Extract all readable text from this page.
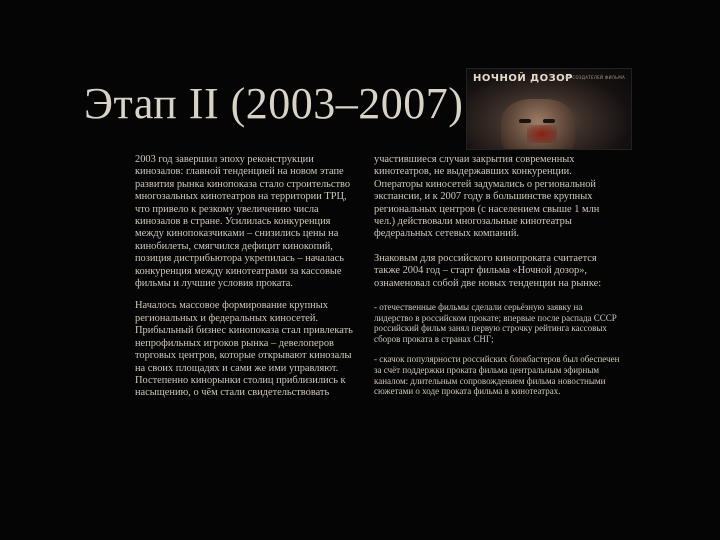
Этап II (2003–2007)
НОЧНОЙ ДОЗОР
ОТ СОЗДАТЕЛЕЙ ФИЛЬМА

2003 год завершил эпоху реконструкции кинозалов: главной тенденцией на новом этапе развития рынка кинопоказа стало строительство многозальных кинотеатров на территории ТРЦ, что привело к резкому увеличению числа кинозалов в стране. Усилилась конкуренция между кинопоказчиками – снизились цены на кинобилеты, смягчился дефицит кинокопий, позиция дистрибьютора укрепилась – началась конкуренция между кинотеатрами за кассовые фильмы и лучшие условия проката.

Началось массовое формирование крупных региональных и федеральных киносетей. Прибыльный бизнес кинопоказа стал привлекать непрофильных игроков рынка – девелоперов торговых центров, которые открывают кинозалы на своих площадях и сами же ими управляют. Постепенно кинорынки столиц приблизились к насыщению, о чём стали свидетельствовать

участившиеся случаи закрытия современных кинотеатров, не выдержавших конкуренции. Операторы киносетей задумались о региональной экспансии, и к 2007 году в большинстве крупных региональных центров (с населением свыше 1 млн чел.) действовали многозальные кинотеатры федеральных сетевых компаний.

Знаковым для российского кинопроката считается также 2004 год – старт фильма «Ночной дозор», ознаменовал собой две новых тенденции на рынке:

- отечественные фильмы сделали серьёзную заявку на лидерство в российском прокате; впервые после распада СССР российский фильм занял первую строчку рейтинга кассовых сборов проката в странах СНГ;

- скачок популярности российских блокбастеров был обеспечен за счёт поддержки проката фильма центральным эфирным каналом: длительным сопровождением фильма новостными сюжетами о ходе проката фильма в кинотеатрах.
